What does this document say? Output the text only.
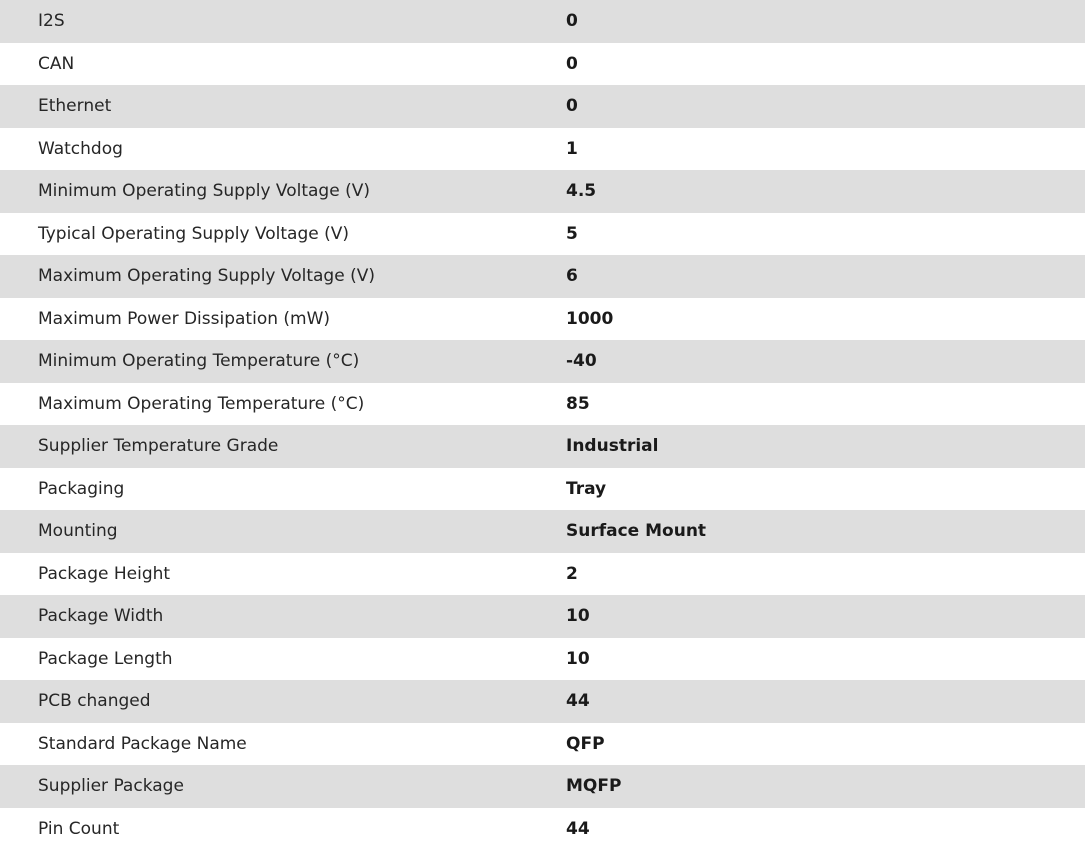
I2S	0
CAN	0
Ethernet	0
Watchdog	1
Minimum Operating Supply Voltage (V)	4.5
Typical Operating Supply Voltage (V)	5
Maximum Operating Supply Voltage (V)	6
Maximum Power Dissipation (mW)	1000
Minimum Operating Temperature (°C)	-40
Maximum Operating Temperature (°C)	85
Supplier Temperature Grade	Industrial
Packaging	Tray
Mounting	Surface Mount
Package Height	2
Package Width	10
Package Length	10
PCB changed	44
Standard Package Name	QFP
Supplier Package	MQFP
Pin Count	44
